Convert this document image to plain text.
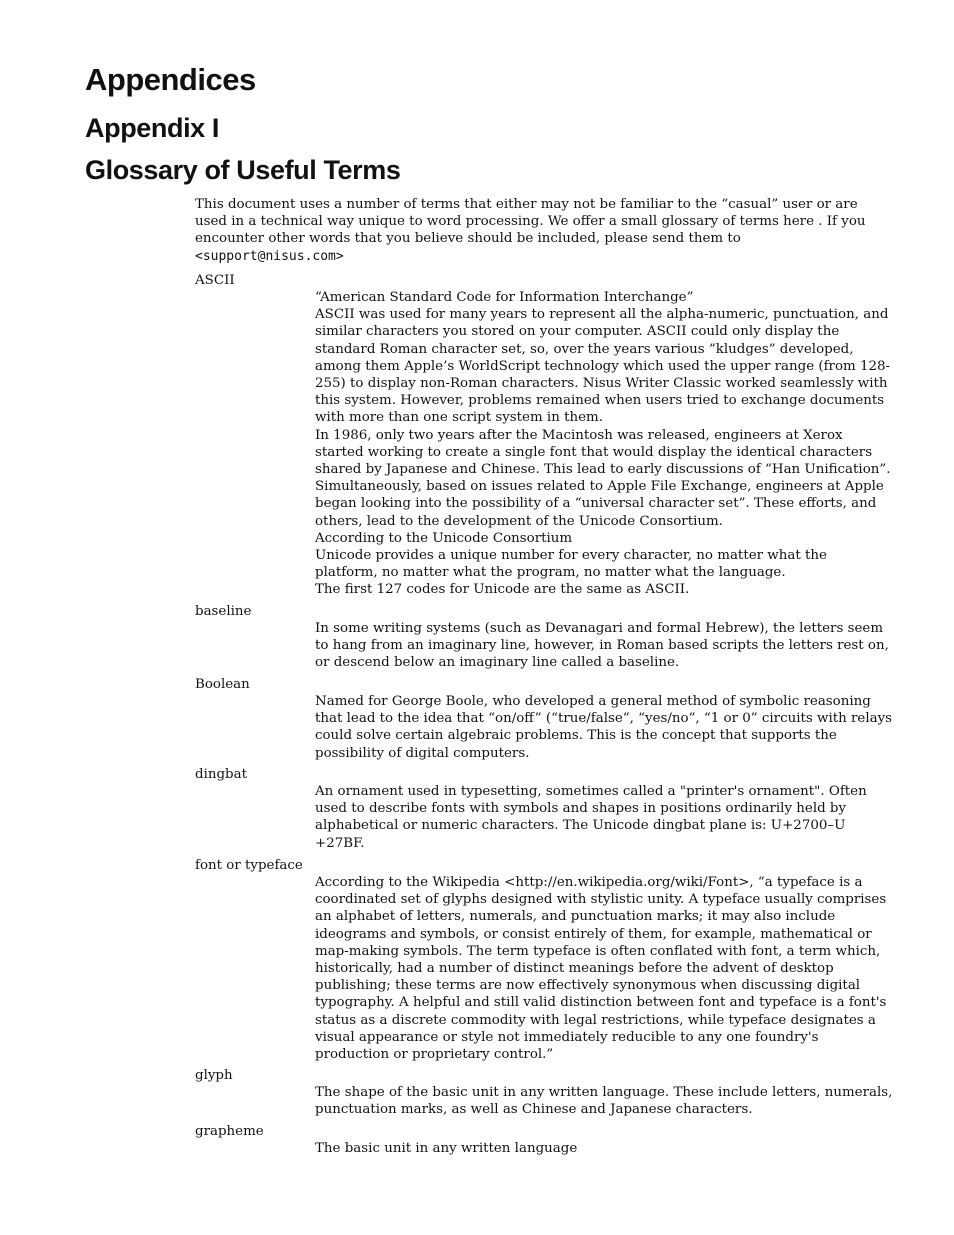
Appendices
Appendix I
Glossary of Useful Terms
This document uses a number of terms that either may not be familiar to the “casual” user or are used in a technical way unique to word processing. We offer a small glossary of terms here . If you encounter other words that you believe should be included, please send them to
<support@nisus.com>
ASCII

“American Standard Code for Information Interchange”

ASCII was used for many years to represent all the alpha-numeric, punctuation, and similar characters you stored on your computer. ASCII could only display the standard Roman character set, so, over the years various “kludges” developed, among them Apple’s WorldScript technology which used the upper range (from 128-255) to display non-Roman characters. Nisus Writer Classic worked seamlessly with this system. However, problems remained when users tried to exchange documents with more than one script system in them.

In 1986, only two years after the Macintosh was released, engineers at Xerox started working to create a single font that would display the identical characters shared by Japanese and Chinese. This lead to early discussions of “Han Unification”. Simultaneously, based on issues related to Apple File Exchange, engineers at Apple began looking into the possibility of a “universal character set”. These efforts, and others, lead to the development of the Unicode Consortium.

According to the Unicode Consortium

Unicode provides a unique number for every character, no matter what the platform, no matter what the program, no matter what the language.

The first 127 codes for Unicode are the same as ASCII.

baseline

In some writing systems (such as Devanagari and formal Hebrew), the letters seem to hang from an imaginary line, however, in Roman based scripts the letters rest on, or descend below an imaginary line called a baseline.

Boolean

Named for George Boole, who developed a general method of symbolic reasoning that lead to the idea that “on/off” (“true/false”, “yes/no”, “1 or 0” circuits with relays could solve certain algebraic problems. This is the concept that supports the possibility of digital computers.

dingbat

An ornament used in typesetting, sometimes called a "printer's ornament". Often used to describe fonts with symbols and shapes in positions ordinarily held by alphabetical or numeric characters. The Unicode dingbat plane is: U+2700–U +27BF.

font or typeface

According to the Wikipedia <http://en.wikipedia.org/wiki/Font>, “a typeface is a coordinated set of glyphs designed with stylistic unity. A typeface usually comprises an alphabet of letters, numerals, and punctuation marks; it may also include ideograms and symbols, or consist entirely of them, for example, mathematical or map-making symbols. The term typeface is often conflated with font, a term which, historically, had a number of distinct meanings before the advent of desktop publishing; these terms are now effectively synonymous when discussing digital typography. A helpful and still valid distinction between font and typeface is a font's status as a discrete commodity with legal restrictions, while typeface designates a visual appearance or style not immediately reducible to any one foundry's production or proprietary control.”

glyph

The shape of the basic unit in any written language. These include letters, numerals, punctuation marks, as well as Chinese and Japanese characters.

grapheme

The basic unit in any written language
